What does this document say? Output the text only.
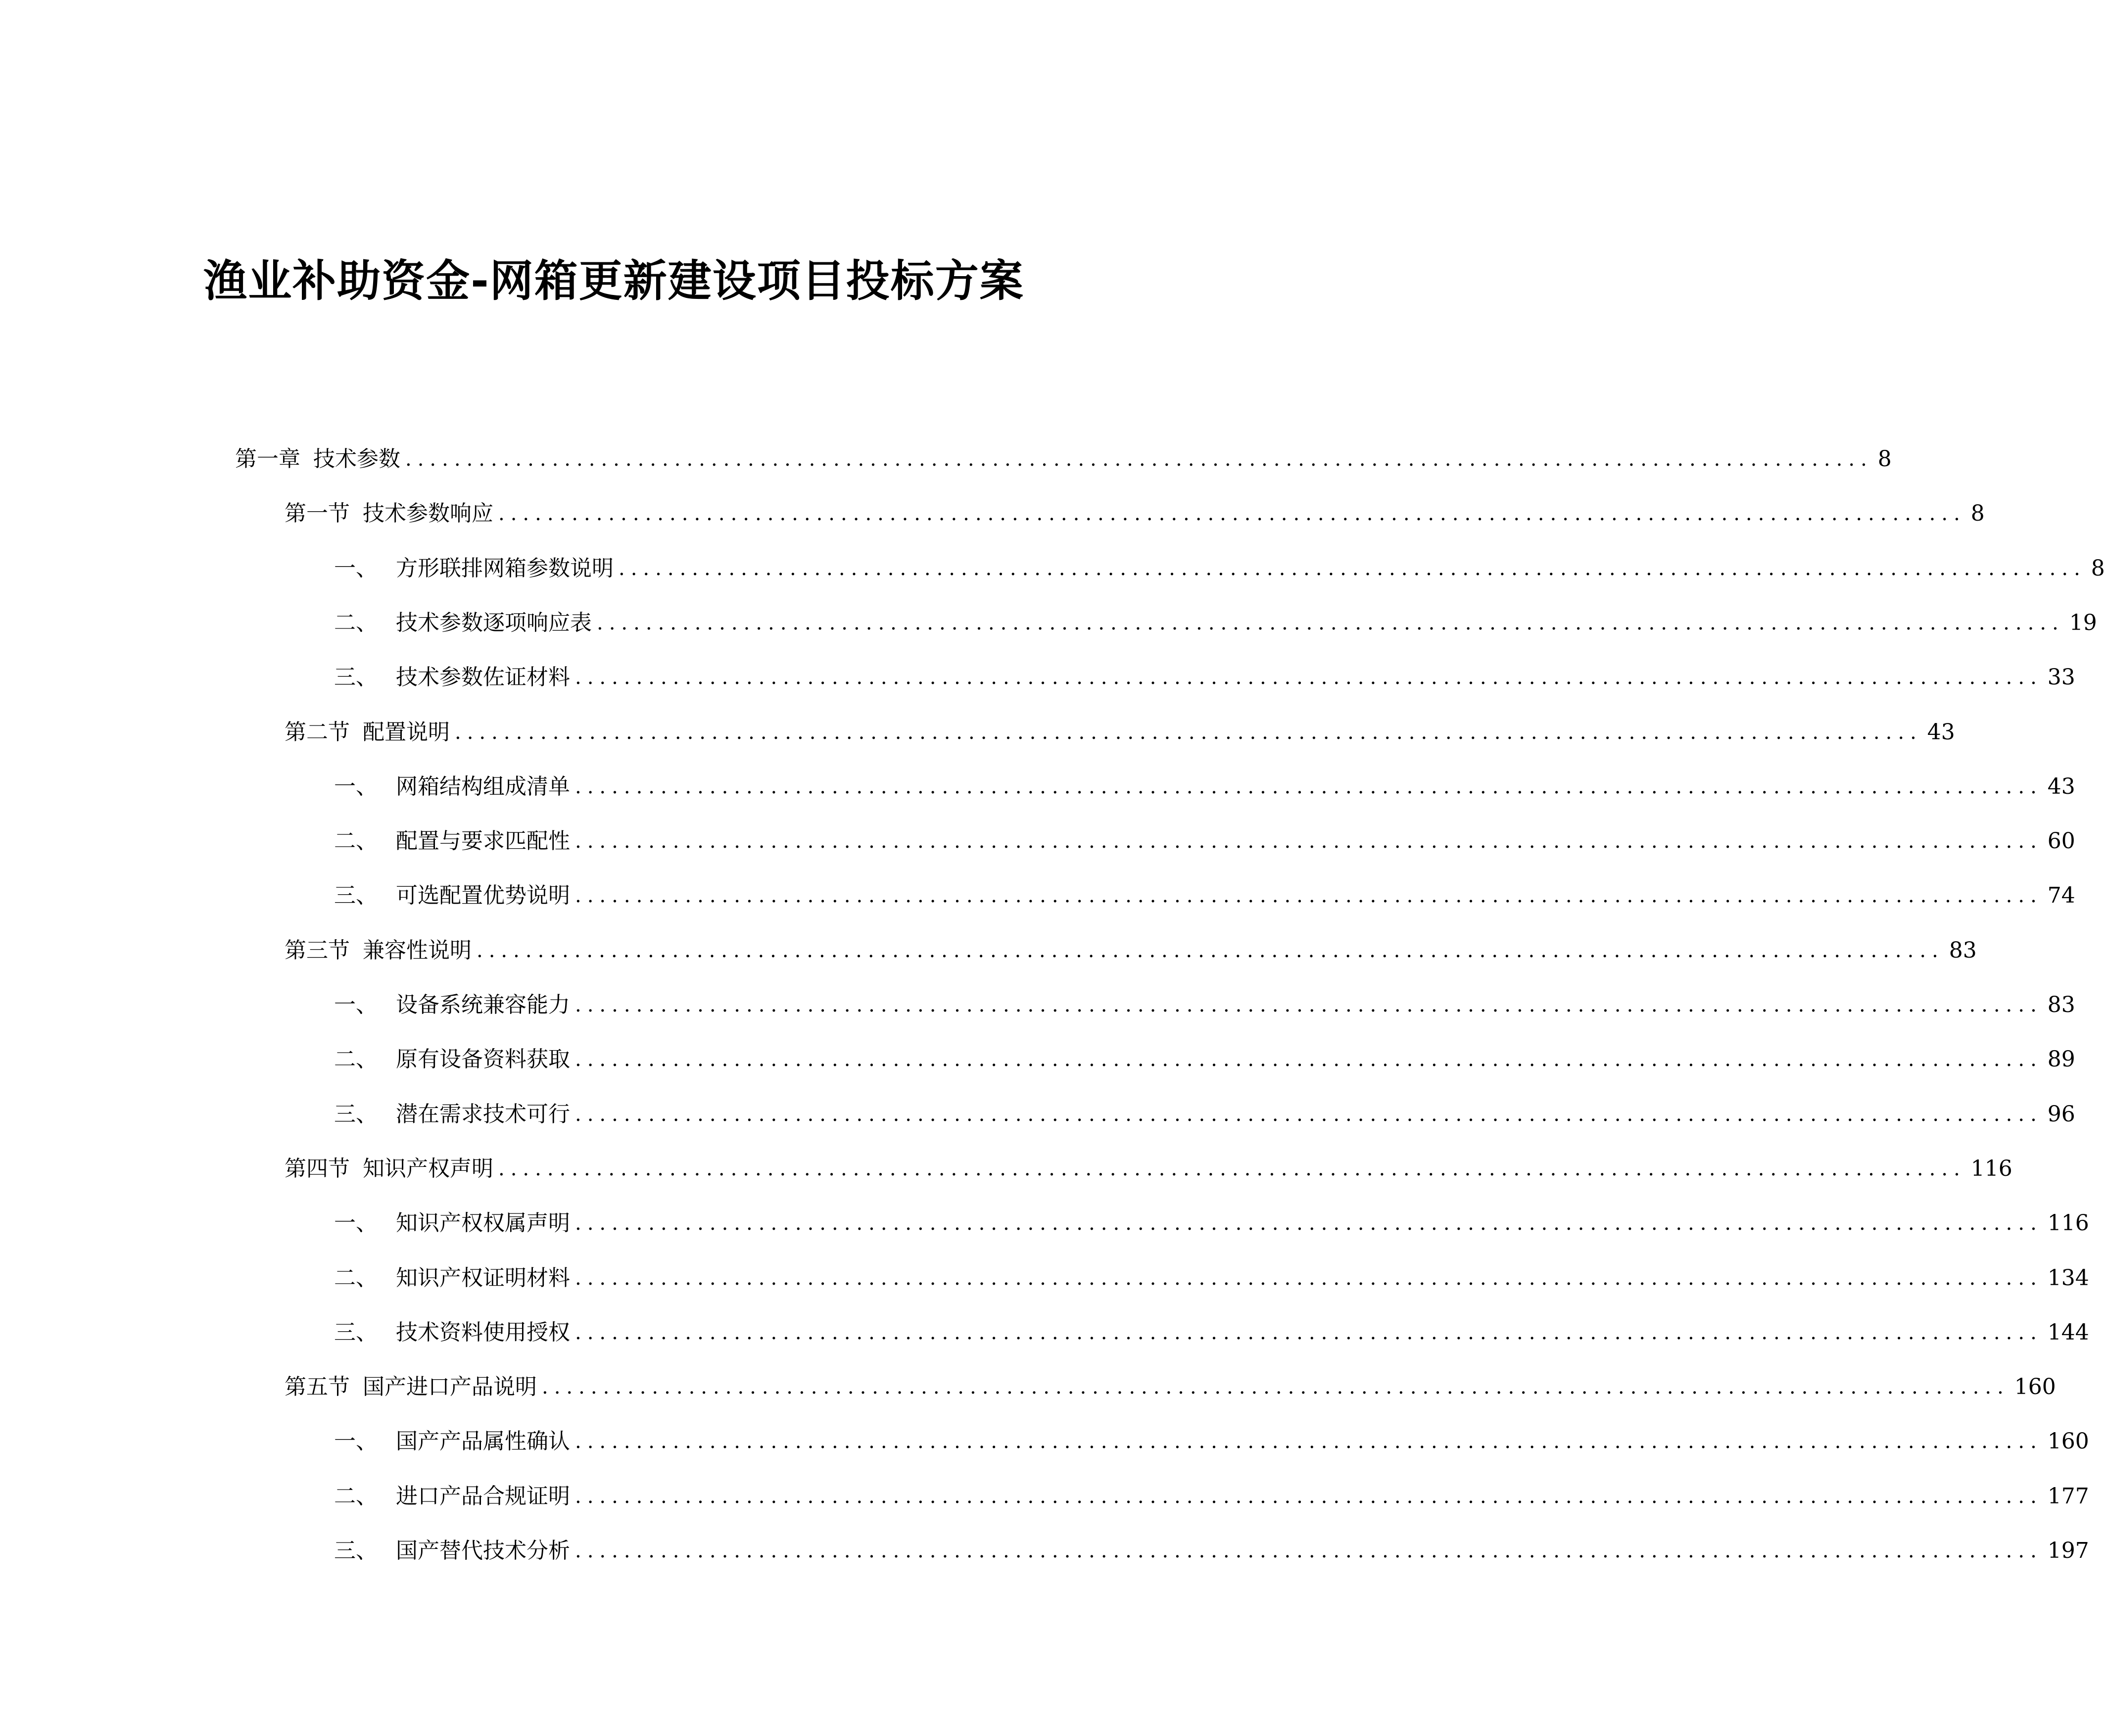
渔业补助资金-网箱更新建设项目投标方案
第一章 技术参数 ........................................................................................................................ 8
第一节 技术参数响应 ........................................................................................................................ 8
一、 方形联排网箱参数说明 ........................................................................................................................ 8
二、 技术参数逐项响应表 ........................................................................................................................ 19
三、 技术参数佐证材料 ........................................................................................................................ 33
第二节 配置说明 ........................................................................................................................ 43
一、 网箱结构组成清单 ........................................................................................................................ 43
二、 配置与要求匹配性 ........................................................................................................................ 60
三、 可选配置优势说明 ........................................................................................................................ 74
第三节 兼容性说明 ........................................................................................................................ 83
一、 设备系统兼容能力 ........................................................................................................................ 83
二、 原有设备资料获取 ........................................................................................................................ 89
三、 潜在需求技术可行 ........................................................................................................................ 96
第四节 知识产权声明 ........................................................................................................................ 116
一、 知识产权权属声明 ........................................................................................................................ 116
二、 知识产权证明材料 ........................................................................................................................ 134
三、 技术资料使用授权 ........................................................................................................................ 144
第五节 国产进口产品说明 ........................................................................................................................ 160
一、 国产产品属性确认 ........................................................................................................................ 160
二、 进口产品合规证明 ........................................................................................................................ 177
三、 国产替代技术分析 ........................................................................................................................ 197
